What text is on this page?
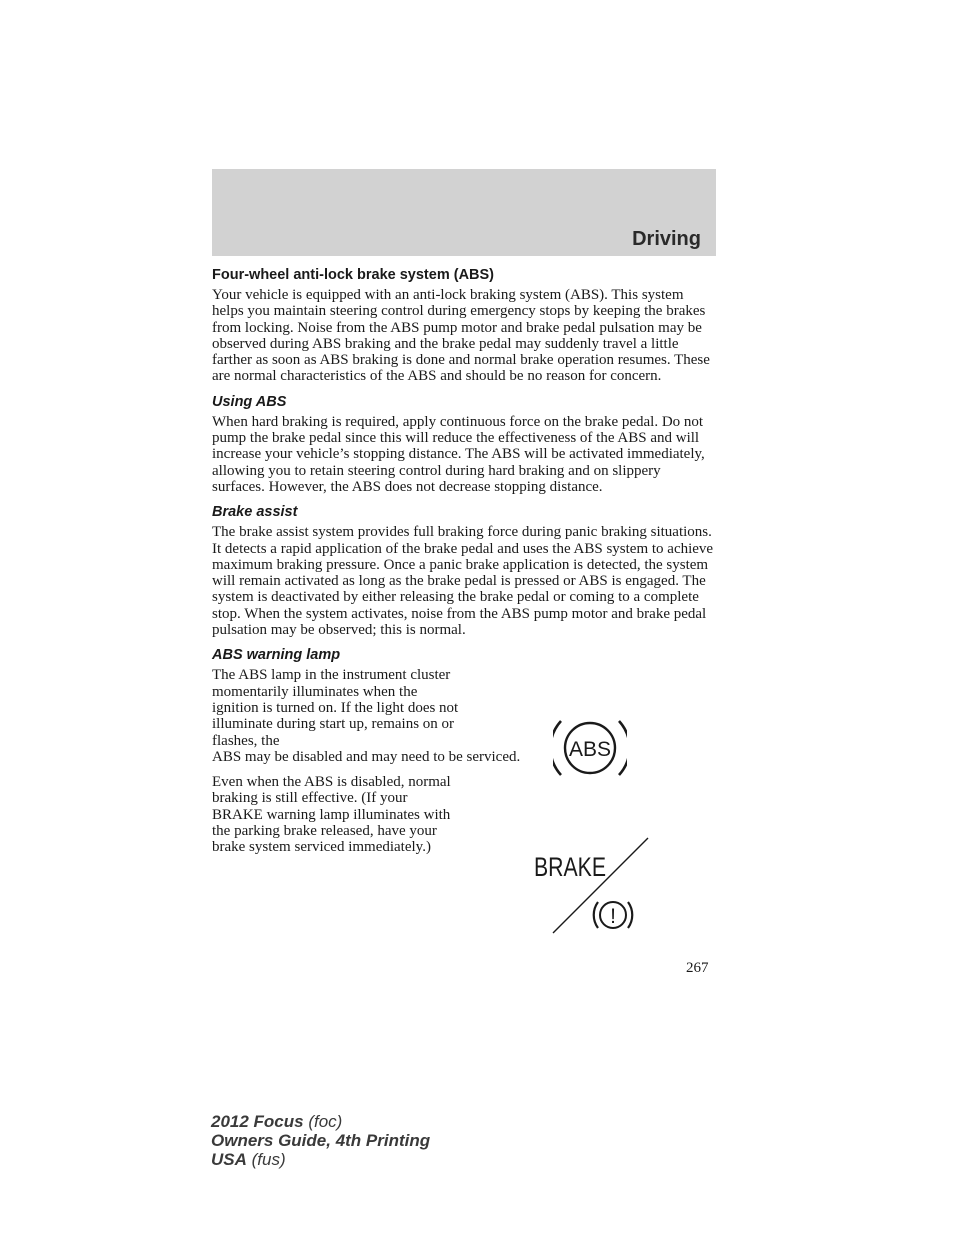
Driving
Four-wheel anti-lock brake system (ABS)

Your vehicle is equipped with an anti-lock braking system (ABS). This system helps you maintain steering control during emergency stops by keeping the brakes from locking. Noise from the ABS pump motor and brake pedal pulsation may be observed during ABS braking and the brake pedal may suddenly travel a little farther as soon as ABS braking is done and normal brake operation resumes. These are normal characteristics of the ABS and should be no reason for concern.

Using ABS

When hard braking is required, apply continuous force on the brake pedal. Do not pump the brake pedal since this will reduce the effectiveness of the ABS and will increase your vehicle’s stopping distance. The ABS will be activated immediately, allowing you to retain steering control during hard braking and on slippery surfaces. However, the ABS does not decrease stopping distance.

Brake assist

The brake assist system provides full braking force during panic braking situations. It detects a rapid application of the brake pedal and uses the ABS system to achieve maximum braking pressure. Once a panic brake application is detected, the system will remain activated as long as the brake pedal is pressed or ABS is engaged. The system is deactivated by either releasing the brake pedal or coming to a complete stop. When the system activates, noise from the ABS pump motor and brake pedal pulsation may be observed; this is normal.

ABS warning lamp

The ABS lamp in the instrument cluster momentarily illuminates when the ignition is turned on. If the light does not illuminate during start up, remains on or flashes, the

ABS may be disabled and may need to be serviced.

Even when the ABS is disabled, normal braking is still effective. (If your BRAKE warning lamp illuminates with the parking brake released, have your brake system serviced immediately.)

ABS
BRAKE
!
267
2012 Focus (foc)
Owners Guide, 4th Printing
USA (fus)
